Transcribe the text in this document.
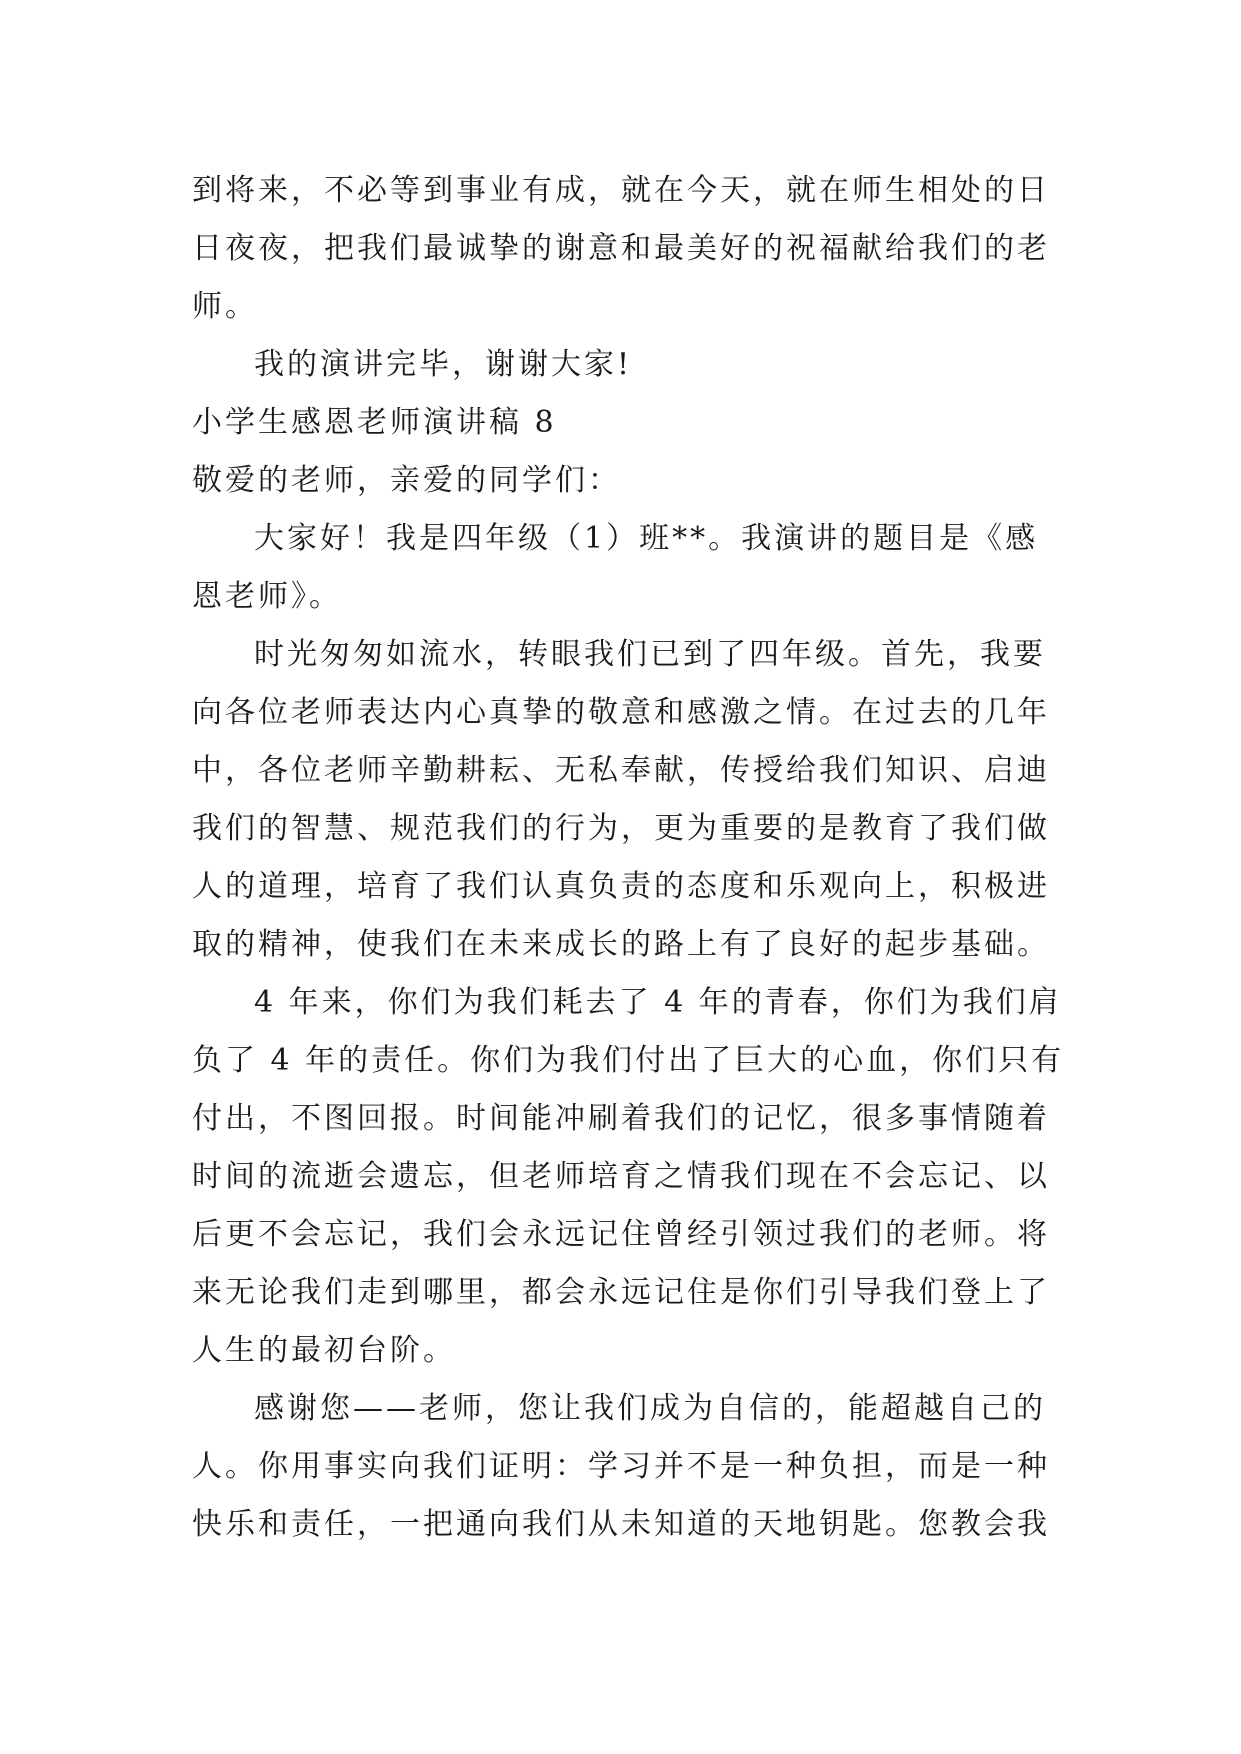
到将来，不必等到事业有成，就在今天，就在师生相处的日
日夜夜，把我们最诚挚的谢意和最美好的祝福献给我们的老
师。
我的演讲完毕，谢谢大家!
小学生感恩老师演讲稿 8
敬爱的老师，亲爱的同学们：
大家好！我是四年级（1）班**。我演讲的题目是《感
恩老师》。
时光匆匆如流水，转眼我们已到了四年级。首先，我要
向各位老师表达内心真挚的敬意和感激之情。在过去的几年
中，各位老师辛勤耕耘、无私奉献，传授给我们知识、启迪
我们的智慧、规范我们的行为，更为重要的是教育了我们做
人的道理，培育了我们认真负责的态度和乐观向上，积极进
取的精神，使我们在未来成长的路上有了良好的起步基础。
4 年来，你们为我们耗去了 4 年的青春，你们为我们肩
负了 4 年的责任。你们为我们付出了巨大的心血，你们只有
付出，不图回报。时间能冲刷着我们的记忆，很多事情随着
时间的流逝会遗忘，但老师培育之情我们现在不会忘记、以
后更不会忘记，我们会永远记住曾经引领过我们的老师。将
来无论我们走到哪里，都会永远记住是你们引导我们登上了
人生的最初台阶。
感谢您——老师，您让我们成为自信的，能超越自己的
人。你用事实向我们证明：学习并不是一种负担，而是一种
快乐和责任，一把通向我们从未知道的天地钥匙。您教会我
